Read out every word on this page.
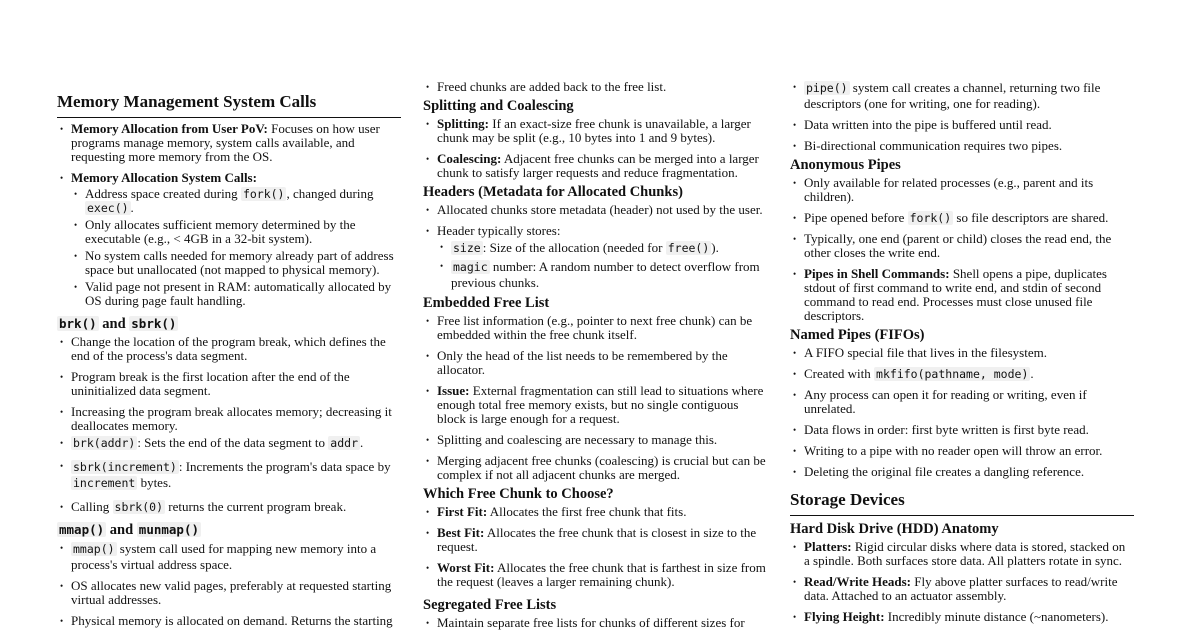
Memory Management System Calls
• Memory Allocation from User PoV: Focuses on how user programs manage memory, system calls available, and requesting more memory from the OS.
• Memory Allocation System Calls:
• Address space created during fork() , changed during exec() .
• Only allocates sufficient memory determined by the executable (e.g., < 4GB in a 32-bit system).
• No system calls needed for memory already part of address space but unallocated (not mapped to physical memory).
• Valid page not present in RAM: automatically allocated by OS during page fault handling.
brk() and sbrk()
• Change the location of the program break, which defines the end of the process's data segment.
• Program break is the first location after the end of the uninitialized data segment.
• Increasing the program break allocates memory; decreasing it deallocates memory.
• brk(addr) : Sets the end of the data segment to addr .
• sbrk(increment) : Increments the program's data space by increment bytes.
• Calling sbrk(0) returns the current program break.
mmap() and munmap()
• mmap() system call used for mapping new memory into a process's virtual address space.
• OS allocates new valid pages, preferably at requested starting virtual addresses.
• Physical memory is allocated on demand. Returns the starting
• Freed chunks are added back to the free list.
Splitting and Coalescing
• Splitting: If an exact-size free chunk is unavailable, a larger chunk may be split (e.g., 10 bytes into 1 and 9 bytes).
• Coalescing: Adjacent free chunks can be merged into a larger chunk to satisfy larger requests and reduce fragmentation.
Headers (Metadata for Allocated Chunks)
• Allocated chunks store metadata (header) not used by the user.
• Header typically stores:
• size : Size of the allocation (needed for free() ).
• magic number: A random number to detect overflow from previous chunks.
Embedded Free List
• Free list information (e.g., pointer to next free chunk) can be embedded within the free chunk itself.
• Only the head of the list needs to be remembered by the allocator.
• Issue: External fragmentation can still lead to situations where enough total free memory exists, but no single contiguous block is large enough for a request.
• Splitting and coalescing are necessary to manage this.
• Merging adjacent free chunks (coalescing) is crucial but can be complex if not all adjacent chunks are merged.
Which Free Chunk to Choose?
• First Fit: Allocates the first free chunk that fits.
• Best Fit: Allocates the free chunk that is closest in size to the request.
• Worst Fit: Allocates the free chunk that is farthest in size from the request (leaves a larger remaining chunk).
Segregated Free Lists
• Maintain separate free lists for chunks of different sizes for
• pipe() system call creates a channel, returning two file descriptors (one for writing, one for reading).
• Data written into the pipe is buffered until read.
• Bi-directional communication requires two pipes.
Anonymous Pipes
• Only available for related processes (e.g., parent and its children).
• Pipe opened before fork() so file descriptors are shared.
• Typically, one end (parent or child) closes the read end, the other closes the write end.
• Pipes in Shell Commands: Shell opens a pipe, duplicates stdout of first command to write end, and stdin of second command to read end. Processes must close unused file descriptors.
Named Pipes (FIFOs)
• A FIFO special file that lives in the filesystem.
• Created with mkfifo(pathname, mode) .
• Any process can open it for reading or writing, even if unrelated.
• Data flows in order: first byte written is first byte read.
• Writing to a pipe with no reader open will throw an error.
• Deleting the original file creates a dangling reference.
Storage Devices
Hard Disk Drive (HDD) Anatomy
• Platters: Rigid circular disks where data is stored, stacked on a spindle. Both surfaces store data. All platters rotate in sync.
• Read/Write Heads: Fly above platter surfaces to read/write data. Attached to an actuator assembly.
• Flying Height: Incredibly minute distance (~nanometers).
